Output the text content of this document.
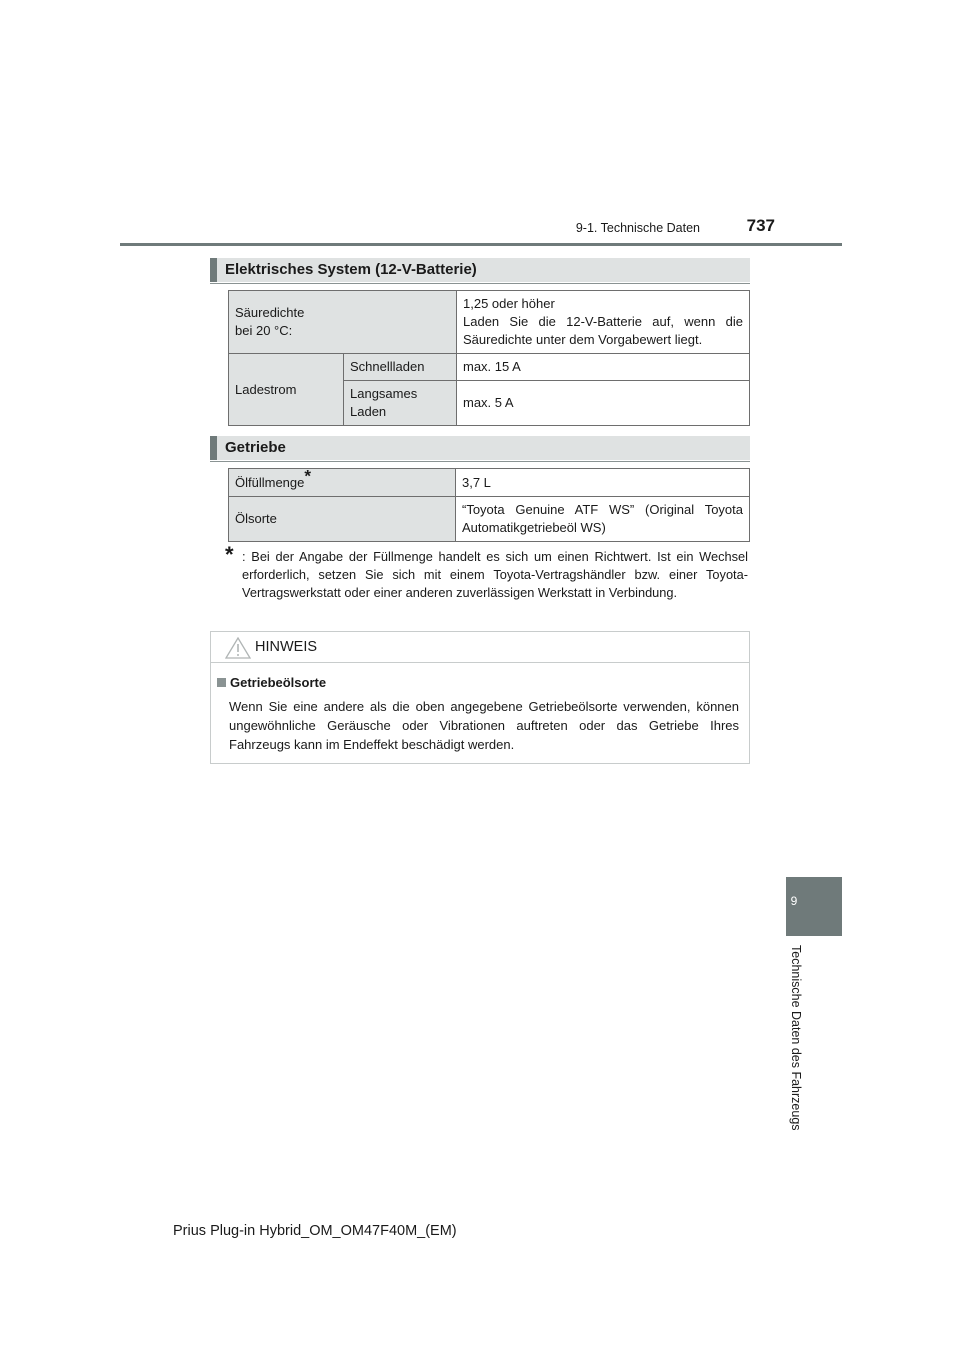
9-1. Technische Daten	737
Elektrisches System (12-V-Batterie)
Säuredichte
bei 20 °C:		1,25 oder höher
Laden Sie die 12-V-Batterie auf, wenn die Säuredichte unter dem Vorgabewert liegt.
Ladestrom	Schnellladen	max. 15 A
	Langsames Laden	max. 5 A
Getriebe
Ölfüllmenge*	3,7 L
Ölsorte	“Toyota Genuine ATF WS” (Original Toyota Automatikgetriebeöl WS)
* : Bei der Angabe der Füllmenge handelt es sich um einen Richtwert. Ist ein Wechsel erforderlich, setzen Sie sich mit einem Toyota-Vertragshändler bzw. einer Toyota-Vertragswerkstatt oder einer anderen zuverlässigen Werkstatt in Verbindung.
HINWEIS
Getriebeölsorte
Wenn Sie eine andere als die oben angegebene Getriebeölsorte verwenden, können ungewöhnliche Geräusche oder Vibrationen auftreten oder das Getriebe Ihres Fahrzeugs kann im Endeffekt beschädigt werden.
9
Technische Daten des Fahrzeugs
Prius Plug-in Hybrid_OM_OM47F40M_(EM)
